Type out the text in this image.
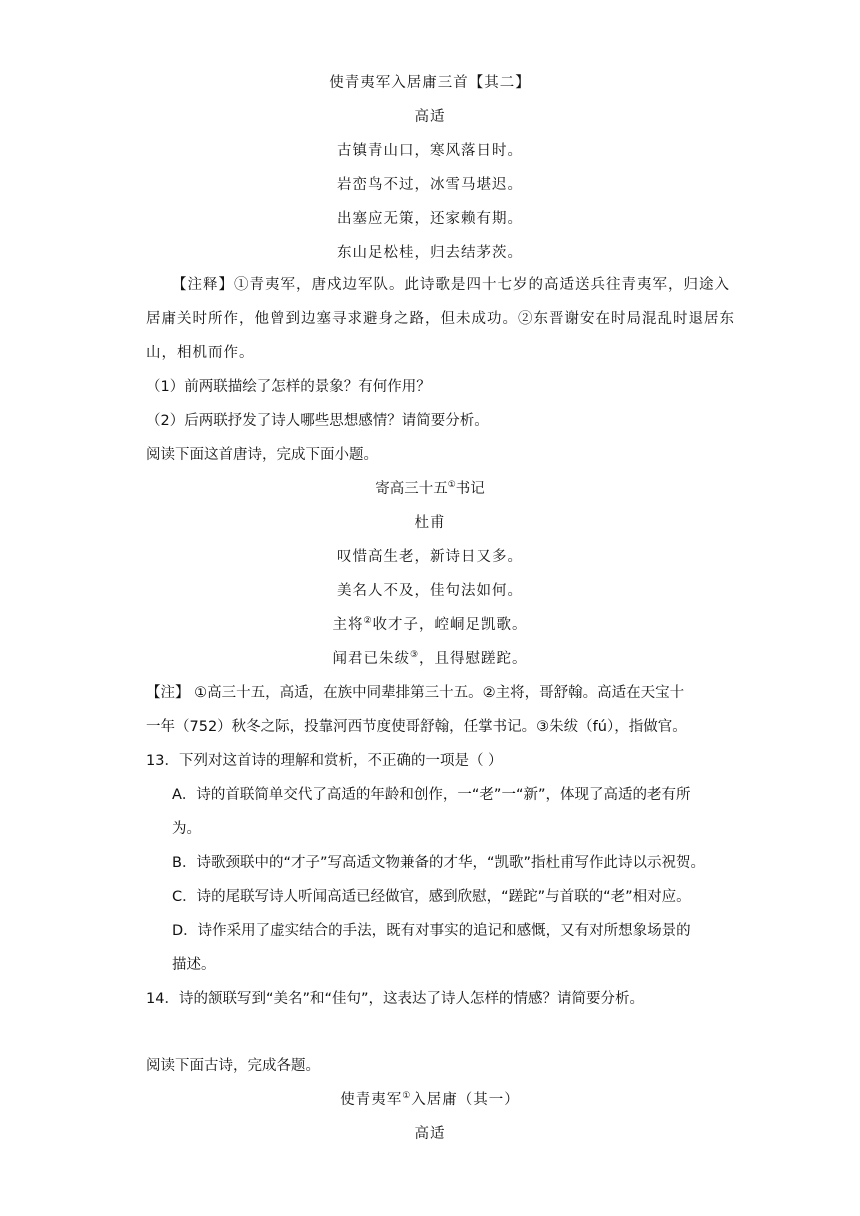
使青夷军入居庸三首【其二】
高适
古镇青山口，寒风落日时。
岩峦鸟不过，冰雪马堪迟。
出塞应无策，还家赖有期。
东山足松桂，归去结茅茨。
【注释】①青夷军，唐戍边军队。此诗歌是四十七岁的高适送兵往青夷军，归途入
居庸关时所作，他曾到边塞寻求避身之路，但未成功。②东晋谢安在时局混乱时退居东
山，相机而作。
（1）前两联描绘了怎样的景象？有何作用？
（2）后两联抒发了诗人哪些思想感情？请简要分析。
阅读下面这首唐诗，完成下面小题。
寄高三十五①书记
杜甫
叹惜高生老，新诗日又多。
美名人不及，佳句法如何。
主将②收才子，崆峒足凯歌。
闻君已朱绂③，且得慰蹉跎。
【注】 ①高三十五，高适，在族中同辈排第三十五。②主将，哥舒翰。高适在天宝十
一年（752）秋冬之际，投靠河西节度使哥舒翰，任掌书记。③朱绂（fú），指做官。
13．下列对这首诗的理解和赏析，不正确的一项是（ ）
A．诗的首联简单交代了高适的年龄和创作，一“老”一“新”，体现了高适的老有所
为。
B．诗歌颈联中的“才子”写高适文物兼备的才华，“凯歌”指杜甫写作此诗以示祝贺。
C．诗的尾联写诗人听闻高适已经做官，感到欣慰，“蹉跎”与首联的“老”相对应。
D．诗作采用了虚实结合的手法，既有对事实的追记和感慨，又有对所想象场景的
描述。
14．诗的颔联写到“美名”和“佳句”，这表达了诗人怎样的情感？请简要分析。
阅读下面古诗，完成各题。
使青夷军①入居庸（其一）
高适
